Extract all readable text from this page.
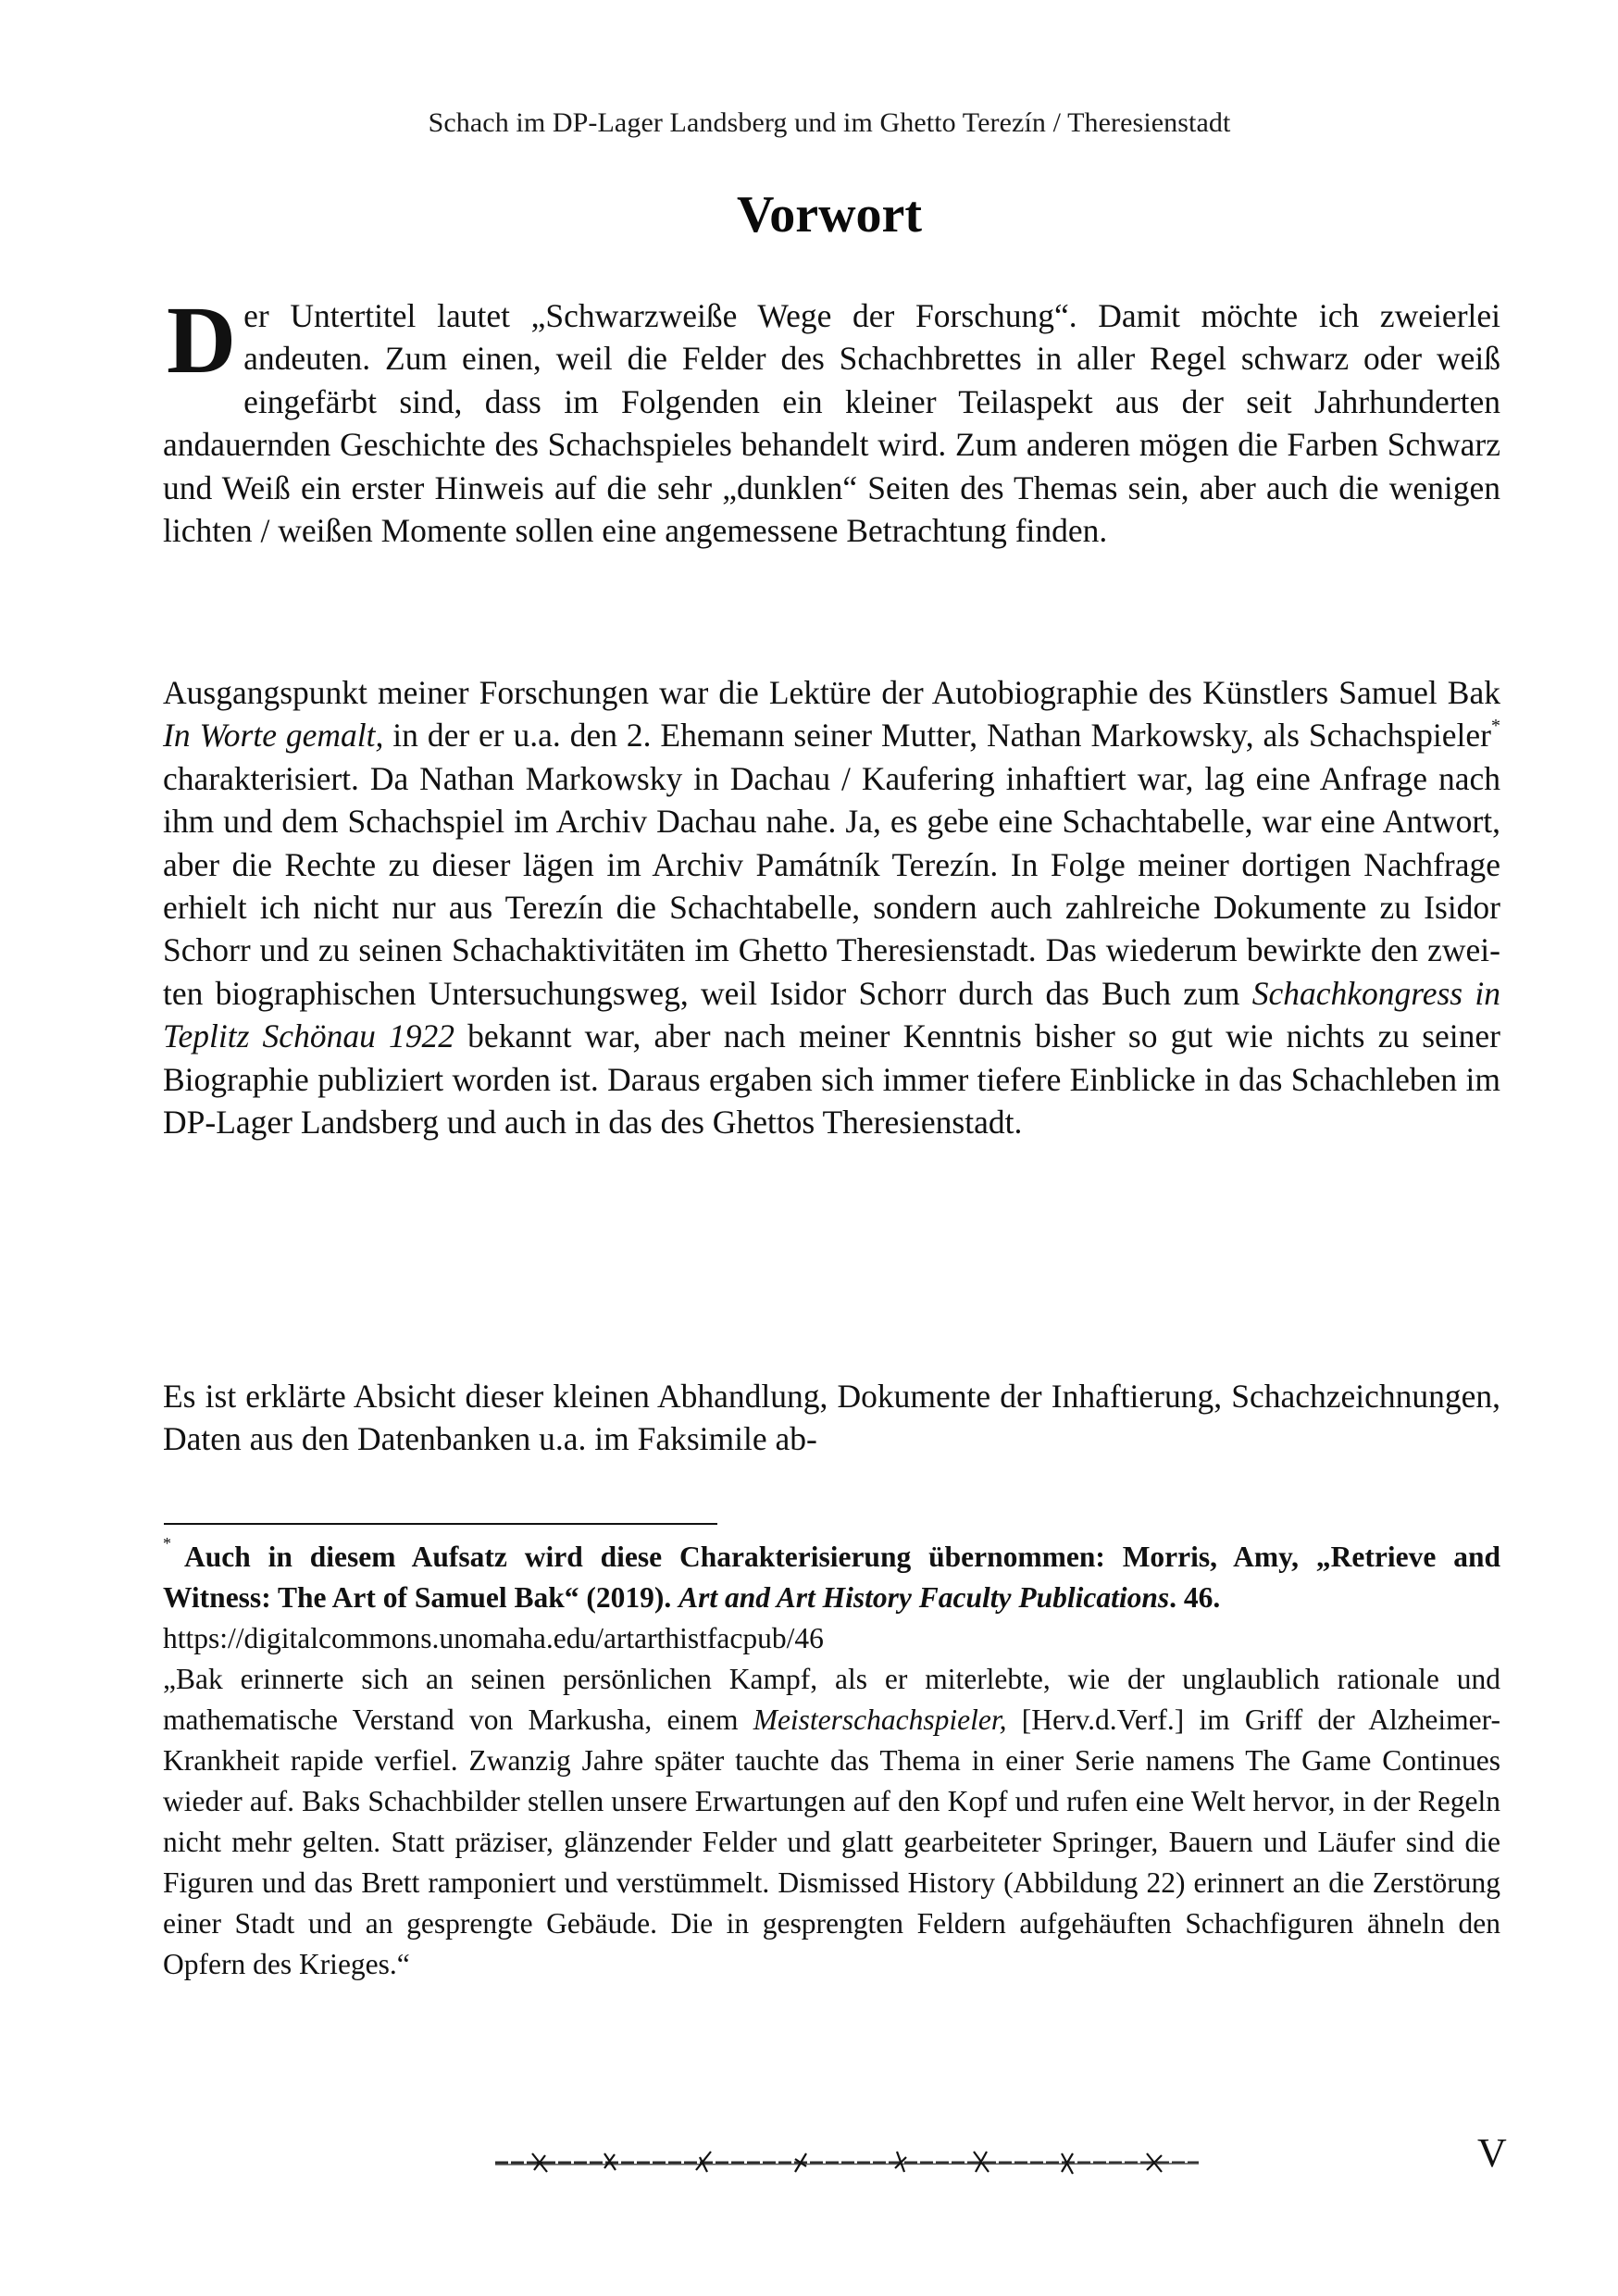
Schach im DP-Lager Landsberg und im Ghetto Terezín / Theresienstadt
Vorwort
D er Untertitel lautet „Schwarzweiße Wege der Forschung“. Damit möchte ich zweierlei andeuten. Zum einen, weil die Felder des Schachbrettes in aller Regel schwarz oder weiß eingefärbt sind, dass im Folgenden ein kleiner Teilaspekt aus der seit Jahrhunderten andauernden Geschichte des Schachspieles behandelt wird. Zum anderen mögen die Farben Schwarz und Weiß ein erster Hinweis auf die sehr „dunklen“ Seiten des Themas sein, aber auch die wenigen lichten / weißen Momente sollen eine angemessene Betrachtung finden.
Ausgangspunkt meiner Forschungen war die Lektüre der Autobiographie des Künstlers Samuel Bak In Worte gemalt, in der er u.a. den 2. Ehemann seiner Mutter, Nathan Markowsky, als Schachspieler* charakterisiert. Da Nathan Markowsky in Dachau / Kaufering inhaftiert war, lag eine Anfrage nach ihm und dem Schachspiel im Archiv Dachau nahe. Ja, es gebe eine Schachtabelle, war eine Antwort, aber die Rechte zu dieser lägen im Archiv Památník Terezín. In Folge meiner dortigen Nachfrage erhielt ich nicht nur aus Terezín die Schachtabelle, sondern auch zahlreiche Dokumente zu Isidor Schorr und zu seinen Schachaktivitäten im Ghetto Theresienstadt. Das wiederum bewirkte den zweiten biographischen Untersuchungsweg, weil Isidor Schorr durch das Buch zum Schachkongress in Teplitz Schönau 1922 bekannt war, aber nach meiner Kenntnis bisher so gut wie nichts zu seiner Biographie publiziert worden ist. Daraus ergaben sich immer tiefere Einblicke in das Schachleben im DP-Lager Landsberg und auch in das des Ghettos Theresienstadt.
Es ist erklärte Absicht dieser kleinen Abhandlung, Dokumente der Inhaftierung, Schachzeichnungen, Daten aus den Datenbanken u.a. im Faksimile ab-

* Auch in diesem Aufsatz wird diese Charakterisierung übernommen: Morris, Amy, „Retrieve and Witness: The Art of Samuel Bak“ (2019). Art and Art History Faculty Publications. 46.

https://digitalcommons.unomaha.edu/artarthistfacpub/46

„Bak erinnerte sich an seinen persönlichen Kampf, als er miterlebte, wie der unglaublich rationale und mathematische Verstand von Markusha, einem Meisterschachspieler, [Herv.d.Verf.] im Griff der Alzheimer-Krankheit rapide verfiel. Zwanzig Jahre später tauchte das Thema in einer Serie namens The Game Continues wieder auf. Baks Schachbilder stellen unsere Erwartungen auf den Kopf und rufen eine Welt hervor, in der Regeln nicht mehr gelten. Statt präziser, glänzender Felder und glatt gearbeiteter Springer, Bauern und Läufer sind die Figuren und das Brett ramponiert und verstümmelt. Dismissed History (Abbildung 22) erinnert an die Zerstörung einer Stadt und an gesprengte Gebäude. Die in gesprengten Feldern aufgehäuften Schachfiguren ähneln den Opfern des Krieges.“

V
